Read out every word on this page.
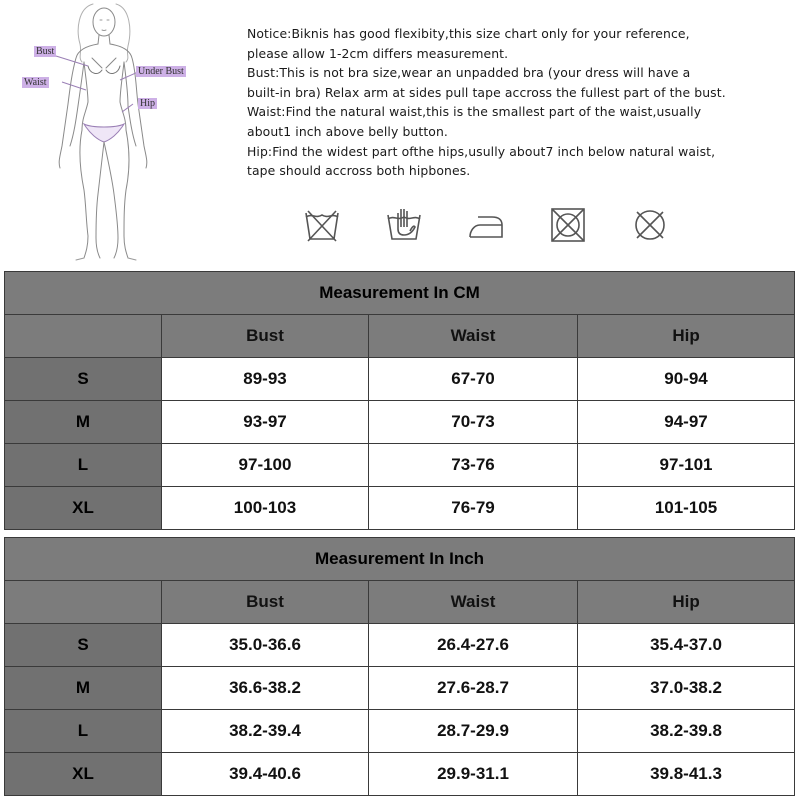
Bust
Waist
Under Bust
Hip

Notice:Biknis has good flexibity,this size chart only for your reference,

please allow 1-2cm differs measurement.

Bust:This is not bra size,wear an unpadded bra (your dress will have a

built-in bra) Relax arm at sides pull tape accross the fullest part of the bust.

Waist:Find the natural waist,this is the smallest part of the waist,usually

about1 inch above belly button.

Hip:Find the widest part ofthe hips,usully about7 inch below natural waist,

tape should accross both hipbones.

Measurement In CM			
	Bust	Waist	Hip
S	89-93	67-70	90-94
M	93-97	70-73	94-97
L	97-100	73-76	97-101
XL	100-103	76-79	101-105
Measurement In Inch			
	Bust	Waist	Hip
S	35.0-36.6	26.4-27.6	35.4-37.0
M	36.6-38.2	27.6-28.7	37.0-38.2
L	38.2-39.4	28.7-29.9	38.2-39.8
XL	39.4-40.6	29.9-31.1	39.8-41.3
